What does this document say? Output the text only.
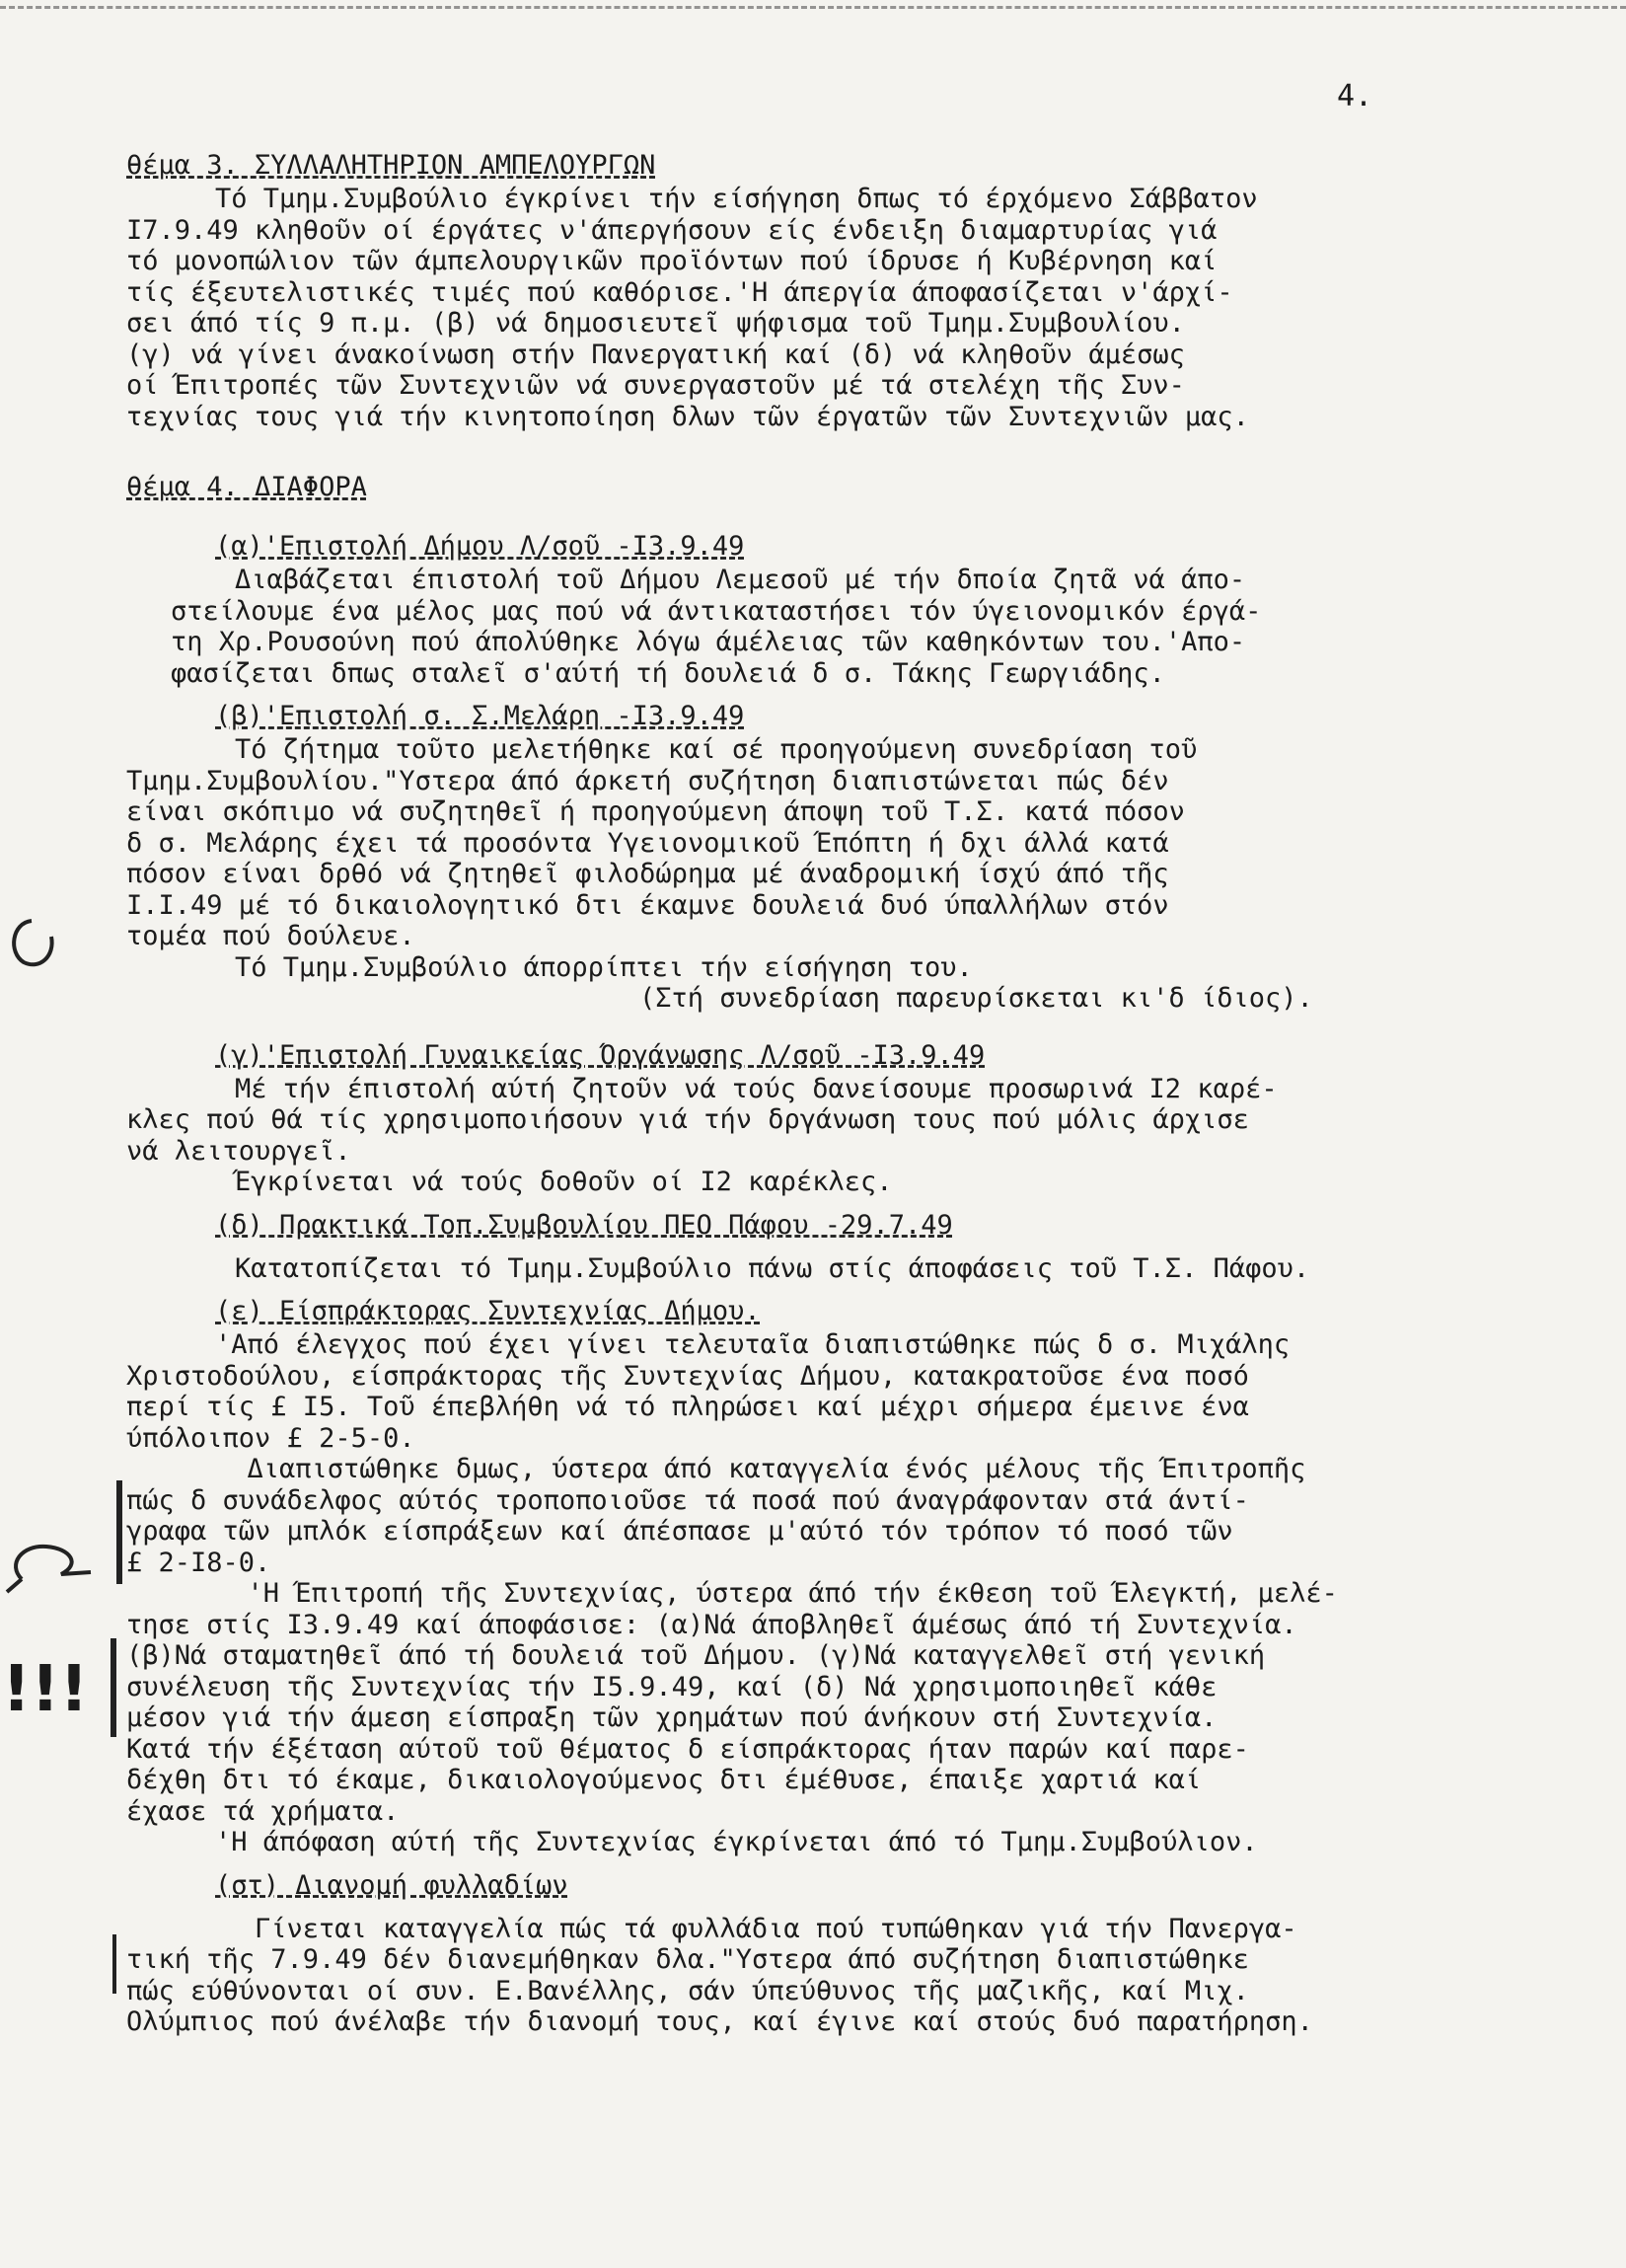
4.
!!!

θέμα 3. ΣΥΛΛΑΛΗΤΗΡΙΟΝ ΑΜΠΕΛΟΥΡΓΩΝ

Τό Τμημ.Συμβούλιο έγκρίνει τήν είσήγηση δπως τό έρχόμενο Σάββατον

Ι7.9.49 κληθοῦν οί έργάτες ν'άπεργήσουν είς ένδειξη διαμαρτυρίας γιά

τό μονοπώλιον τῶν άμπελουργικῶν προϊόντων πού ίδρυσε ή Κυβέρνηση καί

τίς έξευτελιστικές τιμές πού καθόρισε.'Η άπεργία άποφασίζεται ν'άρχί-

σει άπό τίς 9 π.μ. (β) νά δημοσιευτεῖ ψήφισμα τοῦ Τμημ.Συμβουλίου.

(γ) νά γίνει άνακοίνωση στήν Πανεργατική καί (δ) νά κληθοῦν άμέσως

οί Έπιτροπές τῶν Συντεχνιῶν νά συνεργαστοῦν μέ τά στελέχη τῆς Συν-

τεχνίας τους γιά τήν κινητοποίηση δλων τῶν έργατῶν τῶν Συντεχνιῶν μας.

θέμα 4. ΔΙΑΦΟΡΑ

(α)'Επιστολή Δήμου Λ/σοῦ -Ι3.9.49

Διαβάζεται έπιστολή τοῦ Δήμου Λεμεσοῦ μέ τήν δποία ζητᾶ νά άπο-

στείλουμε ένα μέλος μας πού νά άντικαταστήσει τόν ύγειονομικόν έργά-

τη Χρ.Ρουσούνη πού άπολύθηκε λόγω άμέλειας τῶν καθηκόντων του.'Απο-

φασίζεται δπως σταλεῖ σ'αύτή τή δουλειά δ σ. Τάκης Γεωργιάδης.

(β)'Επιστολή σ. Σ.Μελάρη -Ι3.9.49

Τό ζήτημα τοῦτο μελετήθηκε καί σέ προηγούμενη συνεδρίαση τοῦ

Τμημ.Συμβουλίου."Υστερα άπό άρκετή συζήτηση διαπιστώνεται πώς δέν

είναι σκόπιμο νά συζητηθεῖ ή προηγούμενη άποψη τοῦ Τ.Σ. κατά πόσον

δ σ. Μελάρης έχει τά προσόντα Υγειονομικοῦ Έπόπτη ή δχι άλλά κατά

πόσον είναι δρθό νά ζητηθεῖ φιλοδώρημα μέ άναδρομική ίσχύ άπό τῆς

Ι.Ι.49 μέ τό δικαιολογητικό δτι έκαμνε δουλειά δυό ύπαλλήλων στόν

τομέα πού δούλευε.

Τό Τμημ.Συμβούλιο άπορρίπτει τήν είσήγηση του.

(Στή συνεδρίαση παρευρίσκεται κι'δ ίδιος).

(γ)'Επιστολή Γυναικείας Όργάνωσης Λ/σοῦ -Ι3.9.49

Μέ τήν έπιστολή αύτή ζητοῦν νά τούς δανείσουμε προσωρινά Ι2 καρέ-

κλες πού θά τίς χρησιμοποιήσουν γιά τήν δργάνωση τους πού μόλις άρχισε

νά λειτουργεῖ.

Έγκρίνεται νά τούς δοθοῦν οί Ι2 καρέκλες.

(δ) Πρακτικά Τοπ.Συμβουλίου ΠΕΟ Πάφου -29.7.49

Κατατοπίζεται τό Τμημ.Συμβούλιο πάνω στίς άποφάσεις τοῦ Τ.Σ. Πάφου.

(ε) Είσπράκτορας Συντεχνίας Δήμου.

'Από έλεγχος πού έχει γίνει τελευταῖα διαπιστώθηκε πώς δ σ. Μιχάλης

Χριστοδούλου, είσπράκτορας τῆς Συντεχνίας Δήμου, κατακρατοῦσε ένα ποσό

περί τίς £ Ι5. Τοῦ έπεβλήθη νά τό πληρώσει καί μέχρι σήμερα έμεινε ένα

ύπόλοιπον £ 2-5-0.

Διαπιστώθηκε δμως, ύστερα άπό καταγγελία ένός μέλους τῆς Έπιτροπῆς

πώς δ συνάδελφος αύτός τροποποιοῦσε τά ποσά πού άναγράφονταν στά άντί-

γραφα τῶν μπλόκ είσπράξεων καί άπέσπασε μ'αύτό τόν τρόπον τό ποσό τῶν

£ 2-Ι8-0.

'Η Έπιτροπή τῆς Συντεχνίας, ύστερα άπό τήν έκθεση τοῦ Έλεγκτή, μελέ-

τησε στίς Ι3.9.49 καί άποφάσισε: (α)Νά άποβληθεῖ άμέσως άπό τή Συντεχνία.

(β)Νά σταματηθεῖ άπό τή δουλειά τοῦ Δήμου. (γ)Νά καταγγελθεῖ στή γενική

συνέλευση τῆς Συντεχνίας τήν Ι5.9.49, καί (δ) Νά χρησιμοποιηθεῖ κάθε

μέσον γιά τήν άμεση είσπραξη τῶν χρημάτων πού άνήκουν στή Συντεχνία.

Κατά τήν έξέταση αύτοῦ τοῦ θέματος δ είσπράκτορας ήταν παρών καί παρε-

δέχθη δτι τό έκαμε, δικαιολογούμενος δτι έμέθυσε, έπαιξε χαρτιά καί

έχασε τά χρήματα.

'Η άπόφαση αύτή τῆς Συντεχνίας έγκρίνεται άπό τό Τμημ.Συμβούλιον.

(στ) Διανομή φυλλαδίων

Γίνεται καταγγελία πώς τά φυλλάδια πού τυπώθηκαν γιά τήν Πανεργα-

τική τῆς 7.9.49 δέν διανεμήθηκαν δλα."Υστερα άπό συζήτηση διαπιστώθηκε

πώς εύθύνονται οί συν. Ε.Βανέλλης, σάν ύπεύθυνος τῆς μαζικῆς, καί Μιχ.

Ολύμπιος πού άνέλαβε τήν διανομή τους, καί έγινε καί στούς δυό παρατήρηση.
